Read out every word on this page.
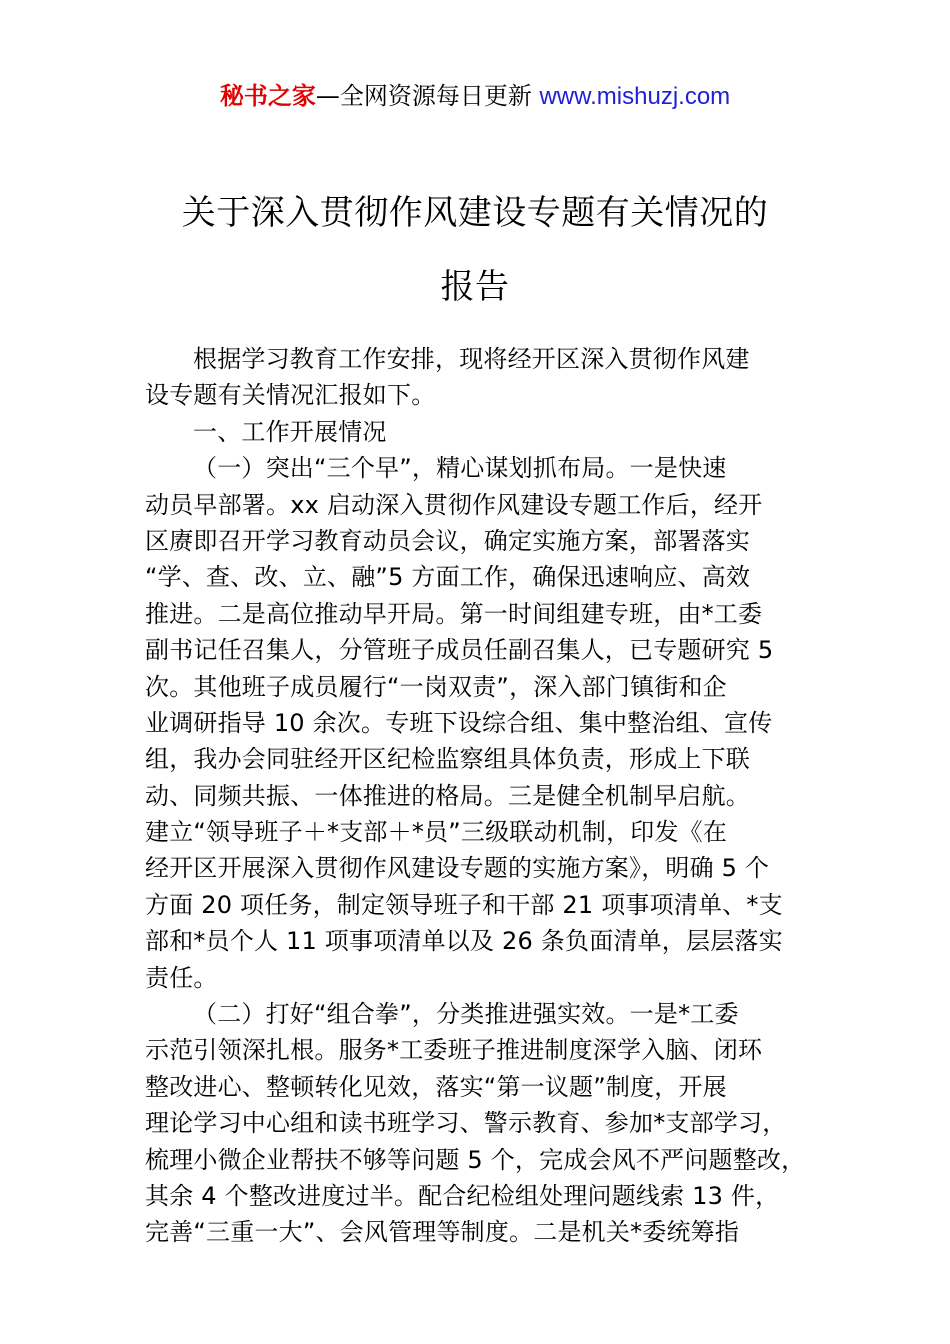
秘书之家—全网资源每日更新 www.mishuzj.com
关于深入贯彻作风建设专题有关情况的
报告
根据学习教育工作安排，现将经开区深入贯彻作风建
设专题有关情况汇报如下。
一、工作开展情况
（一）突出“三个早”，精心谋划抓布局。一是快速
动员早部署。xx 启动深入贯彻作风建设专题工作后，经开
区赓即召开学习教育动员会议，确定实施方案，部署落实
“学、查、改、立、融”5 方面工作，确保迅速响应、高效
推进。二是高位推动早开局。第一时间组建专班，由*工委
副书记任召集人，分管班子成员任副召集人，已专题研究 5
次。其他班子成员履行“一岗双责”，深入部门镇街和企
业调研指导 10 余次。专班下设综合组、集中整治组、宣传
组，我办会同驻经开区纪检监察组具体负责，形成上下联
动、同频共振、一体推进的格局。三是健全机制早启航。
建立“领导班子＋*支部＋*员”三级联动机制，印发《在
经开区开展深入贯彻作风建设专题的实施方案》，明确 5 个
方面 20 项任务，制定领导班子和干部 21 项事项清单、*支
部和*员个人 11 项事项清单以及 26 条负面清单，层层落实
责任。
（二）打好“组合拳”，分类推进强实效。一是*工委
示范引领深扎根。服务*工委班子推进制度深学入脑、闭环
整改进心、整顿转化见效，落实“第一议题”制度，开展
理论学习中心组和读书班学习、警示教育、参加*支部学习，
梳理小微企业帮扶不够等问题 5 个，完成会风不严问题整改，
其余 4 个整改进度过半。配合纪检组处理问题线索 13 件，
完善“三重一大”、会风管理等制度。二是机关*委统筹指
